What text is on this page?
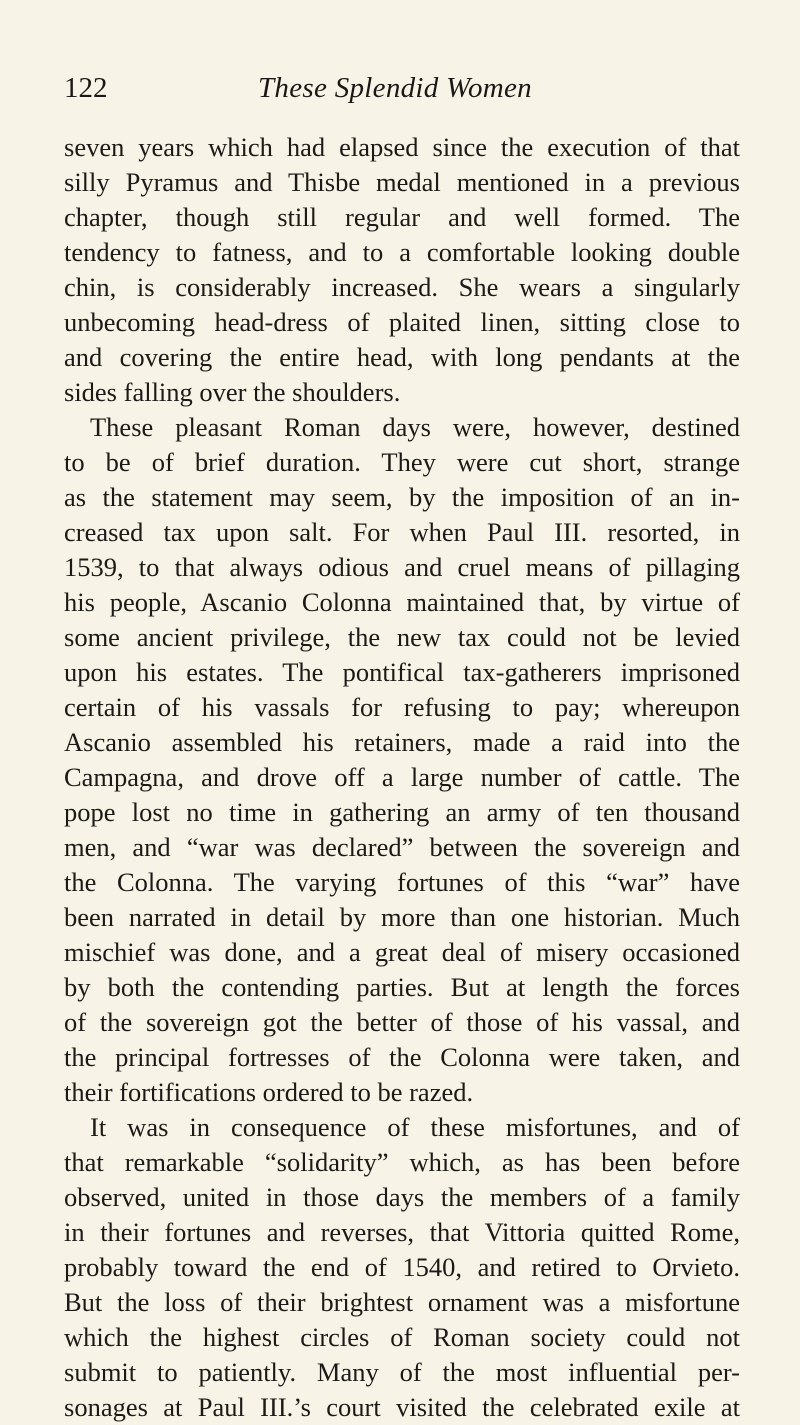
122	These Splendid Women
seven years which had elapsed since the execution of that
silly Pyramus and Thisbe medal mentioned in a previous
chapter, though still regular and well formed. The
tendency to fatness, and to a comfortable looking double
chin, is considerably increased. She wears a singularly
unbecoming head-dress of plaited linen, sitting close to
and covering the entire head, with long pendants at the
sides falling over the shoulders.
These pleasant Roman days were, however, destined
to be of brief duration. They were cut short, strange
as the statement may seem, by the imposition of an in-
creased tax upon salt. For when Paul III. resorted, in
1539, to that always odious and cruel means of pillaging
his people, Ascanio Colonna maintained that, by virtue of
some ancient privilege, the new tax could not be levied
upon his estates. The pontifical tax-gatherers imprisoned
certain of his vassals for refusing to pay; whereupon
Ascanio assembled his retainers, made a raid into the
Campagna, and drove off a large number of cattle. The
pope lost no time in gathering an army of ten thousand
men, and “war was declared” between the sovereign and
the Colonna. The varying fortunes of this “war” have
been narrated in detail by more than one historian. Much
mischief was done, and a great deal of misery occasioned
by both the contending parties. But at length the forces
of the sovereign got the better of those of his vassal, and
the principal fortresses of the Colonna were taken, and
their fortifications ordered to be razed.
It was in consequence of these misfortunes, and of
that remarkable “solidarity” which, as has been before
observed, united in those days the members of a family
in their fortunes and reverses, that Vittoria quitted Rome,
probably toward the end of 1540, and retired to Orvieto.
But the loss of their brightest ornament was a misfortune
which the highest circles of Roman society could not
submit to patiently. Many of the most influential per-
sonages at Paul III.’s court visited the celebrated exile at
